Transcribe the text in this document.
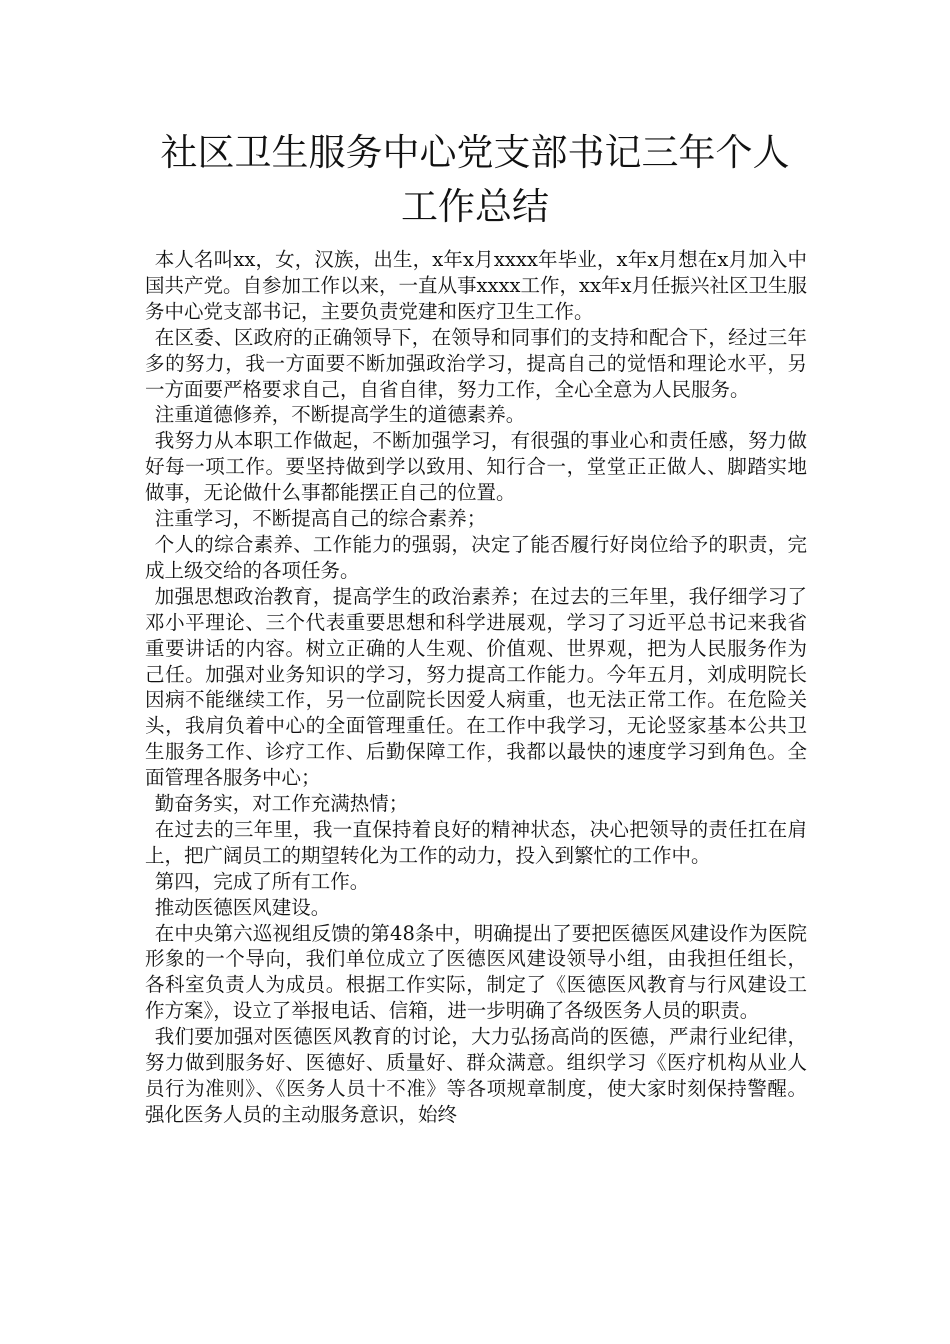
社区卫生服务中心党支部书记三年个人工作总结

本人名叫xx，女，汉族，出生，x年x月xxxx年毕业，x年x月想在x月加入中国共产党。自参加工作以来，一直从事xxxx工作，xx年x月任振兴社区卫生服务中心党支部书记，主要负责党建和医疗卫生工作。

在区委、区政府的正确领导下，在领导和同事们的支持和配合下，经过三年多的努力，我一方面要不断加强政治学习，提高自己的觉悟和理论水平，另一方面要严格要求自己，自省自律，努力工作，全心全意为人民服务。

注重道德修养，不断提高学生的道德素养。

我努力从本职工作做起，不断加强学习，有很强的事业心和责任感，努力做好每一项工作。要坚持做到学以致用、知行合一，堂堂正正做人、脚踏实地做事，无论做什么事都能摆正自己的位置。

注重学习，不断提高自己的综合素养；

个人的综合素养、工作能力的强弱，决定了能否履行好岗位给予的职责，完成上级交给的各项任务。

加强思想政治教育，提高学生的政治素养；在过去的三年里，我仔细学习了邓小平理论、三个代表重要思想和科学进展观，学习了习近平总书记来我省重要讲话的内容。树立正确的人生观、价值观、世界观，把为人民服务作为己任。加强对业务知识的学习，努力提高工作能力。今年五月，刘成明院长因病不能继续工作，另一位副院长因爱人病重，也无法正常工作。在危险关头，我肩负着中心的全面管理重任。在工作中我学习，无论竖家基本公共卫生服务工作、诊疗工作、后勤保障工作，我都以最快的速度学习到角色。全面管理各服务中心；

勤奋务实，对工作充满热情；

在过去的三年里，我一直保持着良好的精神状态，决心把领导的责任扛在肩上，把广阔员工的期望转化为工作的动力，投入到繁忙的工作中。

第四，完成了所有工作。

推动医德医风建设。

在中央第六巡视组反馈的第48条中，明确提出了要把医德医风建设作为医院形象的一个导向，我们单位成立了医德医风建设领导小组，由我担任组长，各科室负责人为成员。根据工作实际，制定了《医德医风教育与行风建设工作方案》，设立了举报电话、信箱，进一步明确了各级医务人员的职责。

我们要加强对医德医风教育的讨论，大力弘扬高尚的医德，严肃行业纪律，努力做到服务好、医德好、质量好、群众满意。组织学习《医疗机构从业人员行为准则》、《医务人员十不准》等各项规章制度，使大家时刻保持警醒。强化医务人员的主动服务意识，始终
